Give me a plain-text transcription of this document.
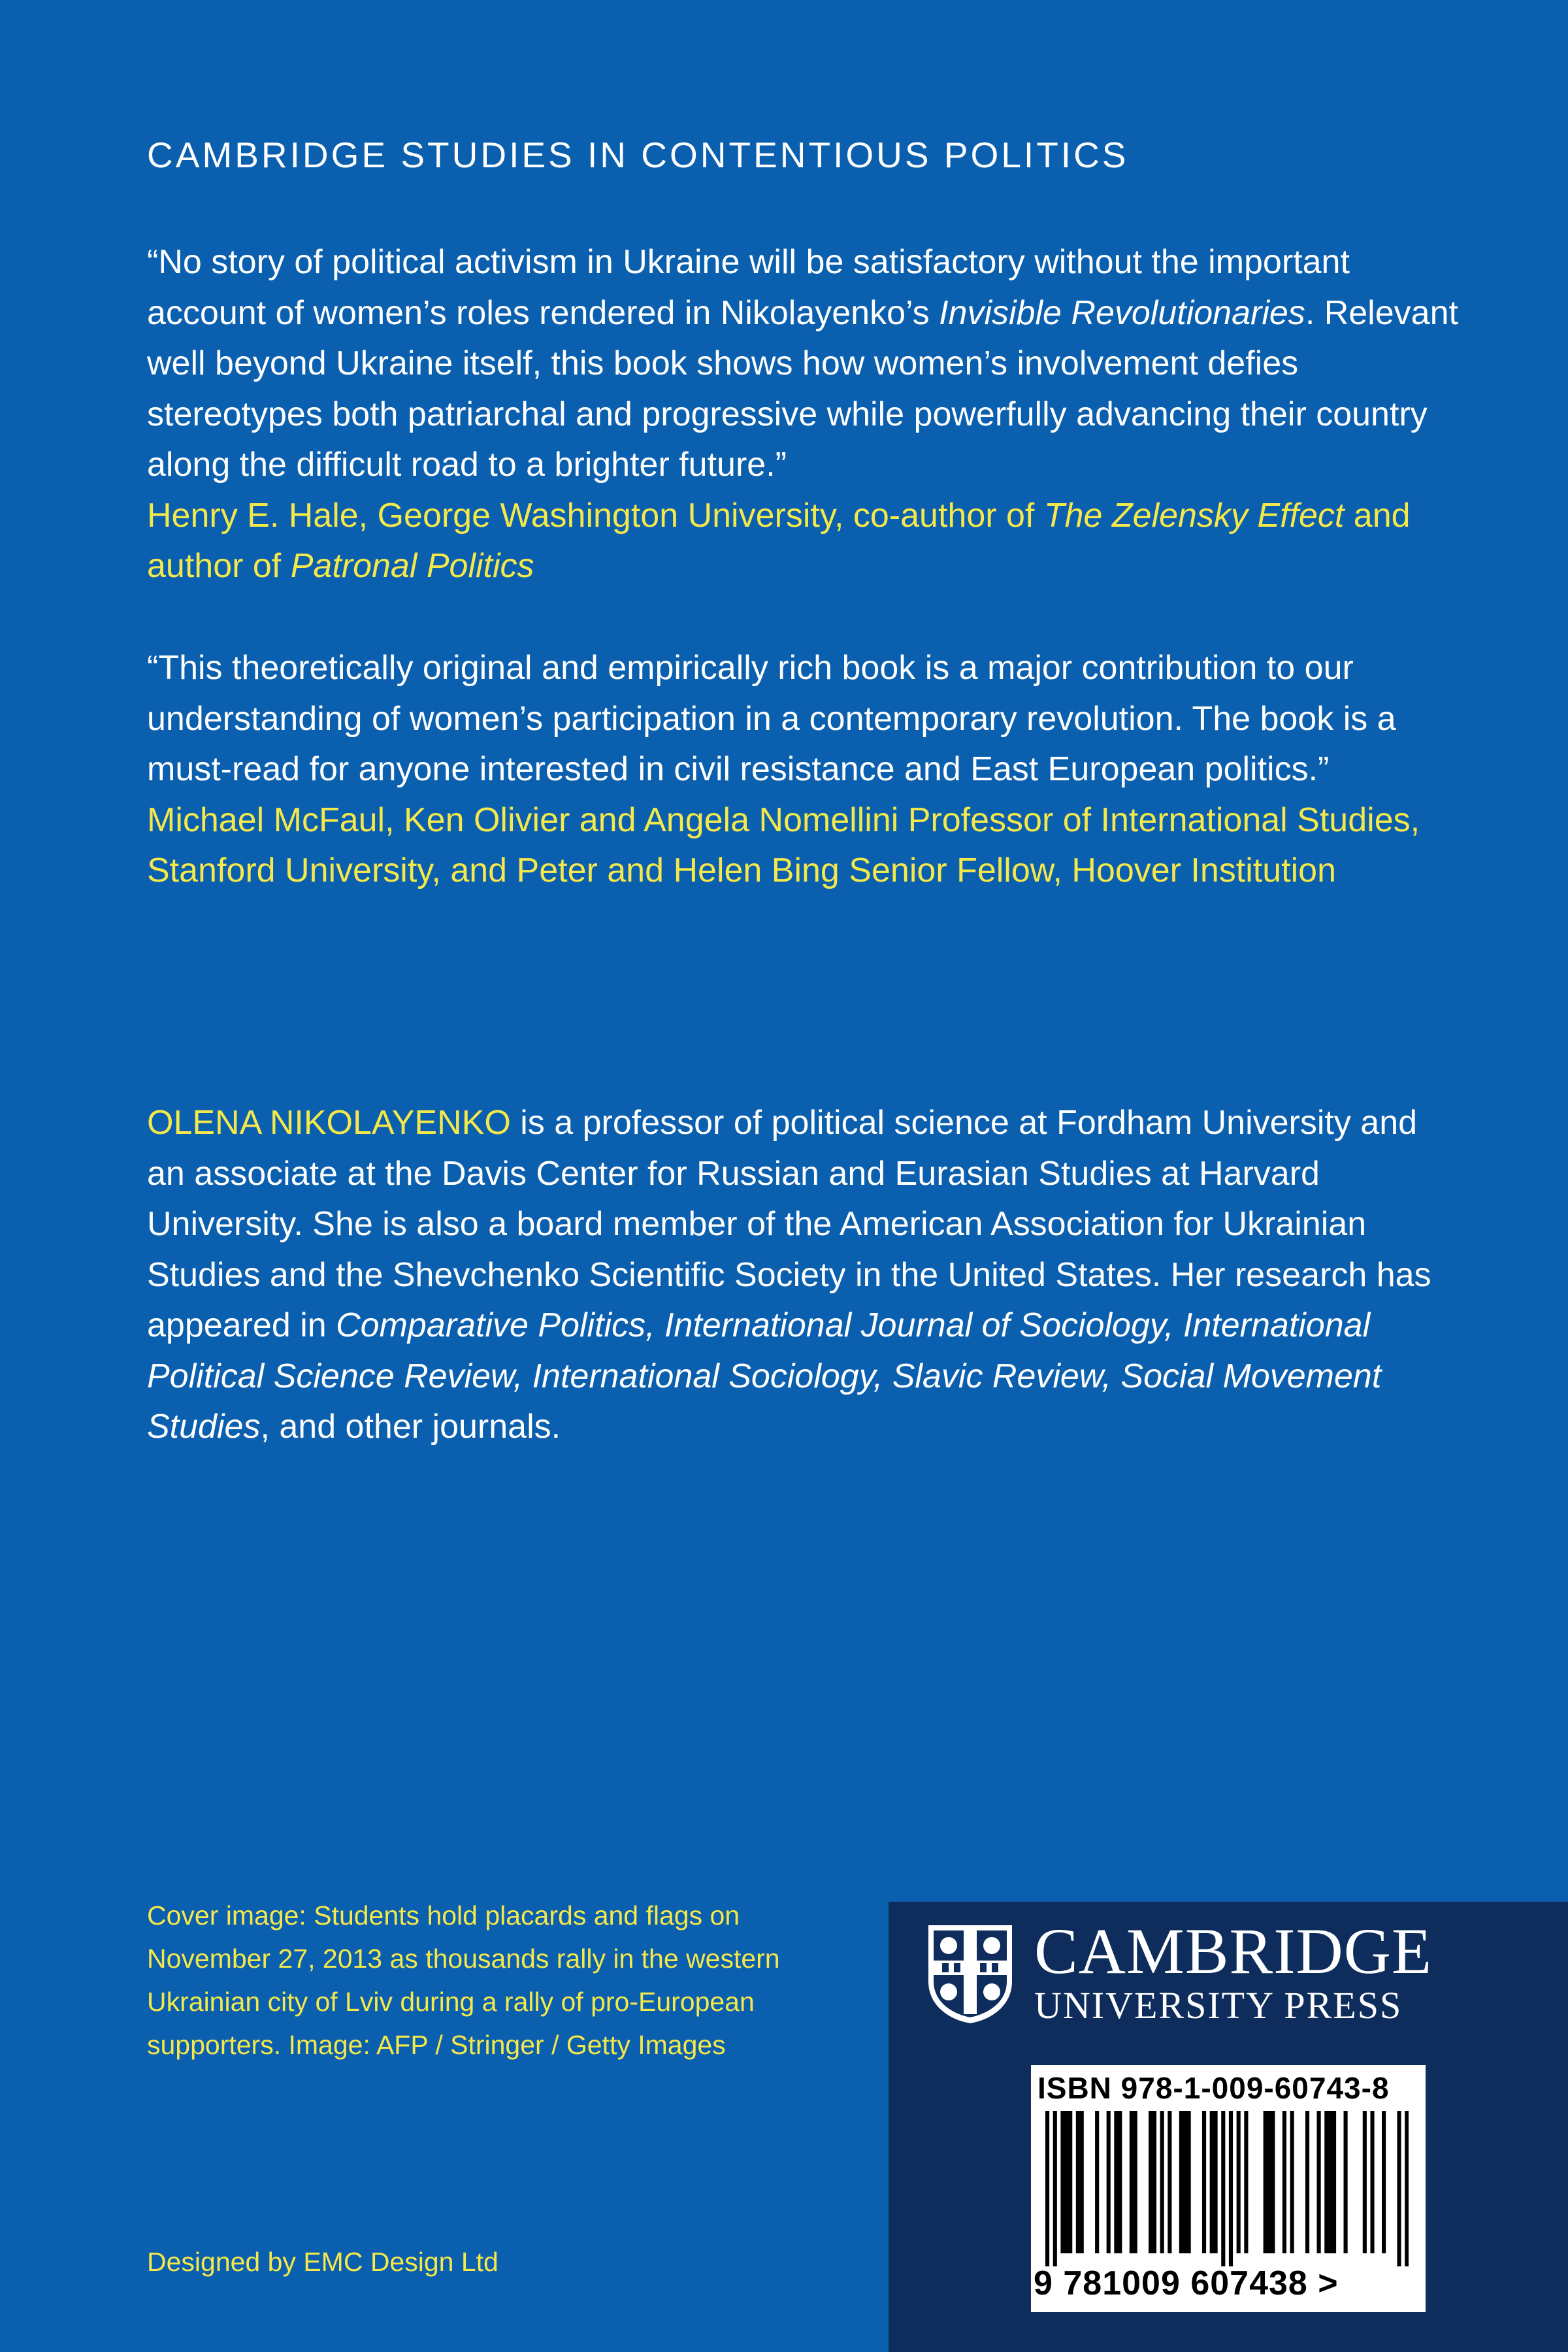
CAMBRIDGE STUDIES IN CONTENTIOUS POLITICS

“No story of political activism in Ukraine will be satisfactory without the important account of women’s roles rendered in Nikolayenko’s Invisible Revolutionaries. Relevant well beyond Ukraine itself, this book shows how women’s involvement defies stereotypes both patriarchal and progressive while powerfully advancing their country along the difficult road to a brighter future.”

Henry E. Hale, George Washington University, co-author of The Zelensky Effect and author of Patronal Politics

“This theoretically original and empirically rich book is a major contribution to our understanding of women’s participation in a contemporary revolution. The book is a must-read for anyone interested in civil resistance and East European politics.”

Michael McFaul, Ken Olivier and Angela Nomellini Professor of International Studies, Stanford University, and Peter and Helen Bing Senior Fellow, Hoover Institution

OLENA NIKOLAYENKO is a professor of political science at Fordham University and an associate at the Davis Center for Russian and Eurasian Studies at Harvard University. She is also a board member of the American Association for Ukrainian Studies and the Shevchenko Scientific Society in the United States. Her research has appeared in Comparative Politics, International Journal of Sociology, International Political Science Review, International Sociology, Slavic Review, Social Movement Studies, and other journals.

Cover image: Students hold placards and flags on November 27, 2013 as thousands rally in the western Ukrainian city of Lviv during a rally of pro-European supporters. Image: AFP / Stringer / Getty Images
Designed by EMC Design Ltd
CAMBRIDGE
UNIVERSITY PRESS
ISBN 978-1-009-60743-8
9 781009 607438 >
